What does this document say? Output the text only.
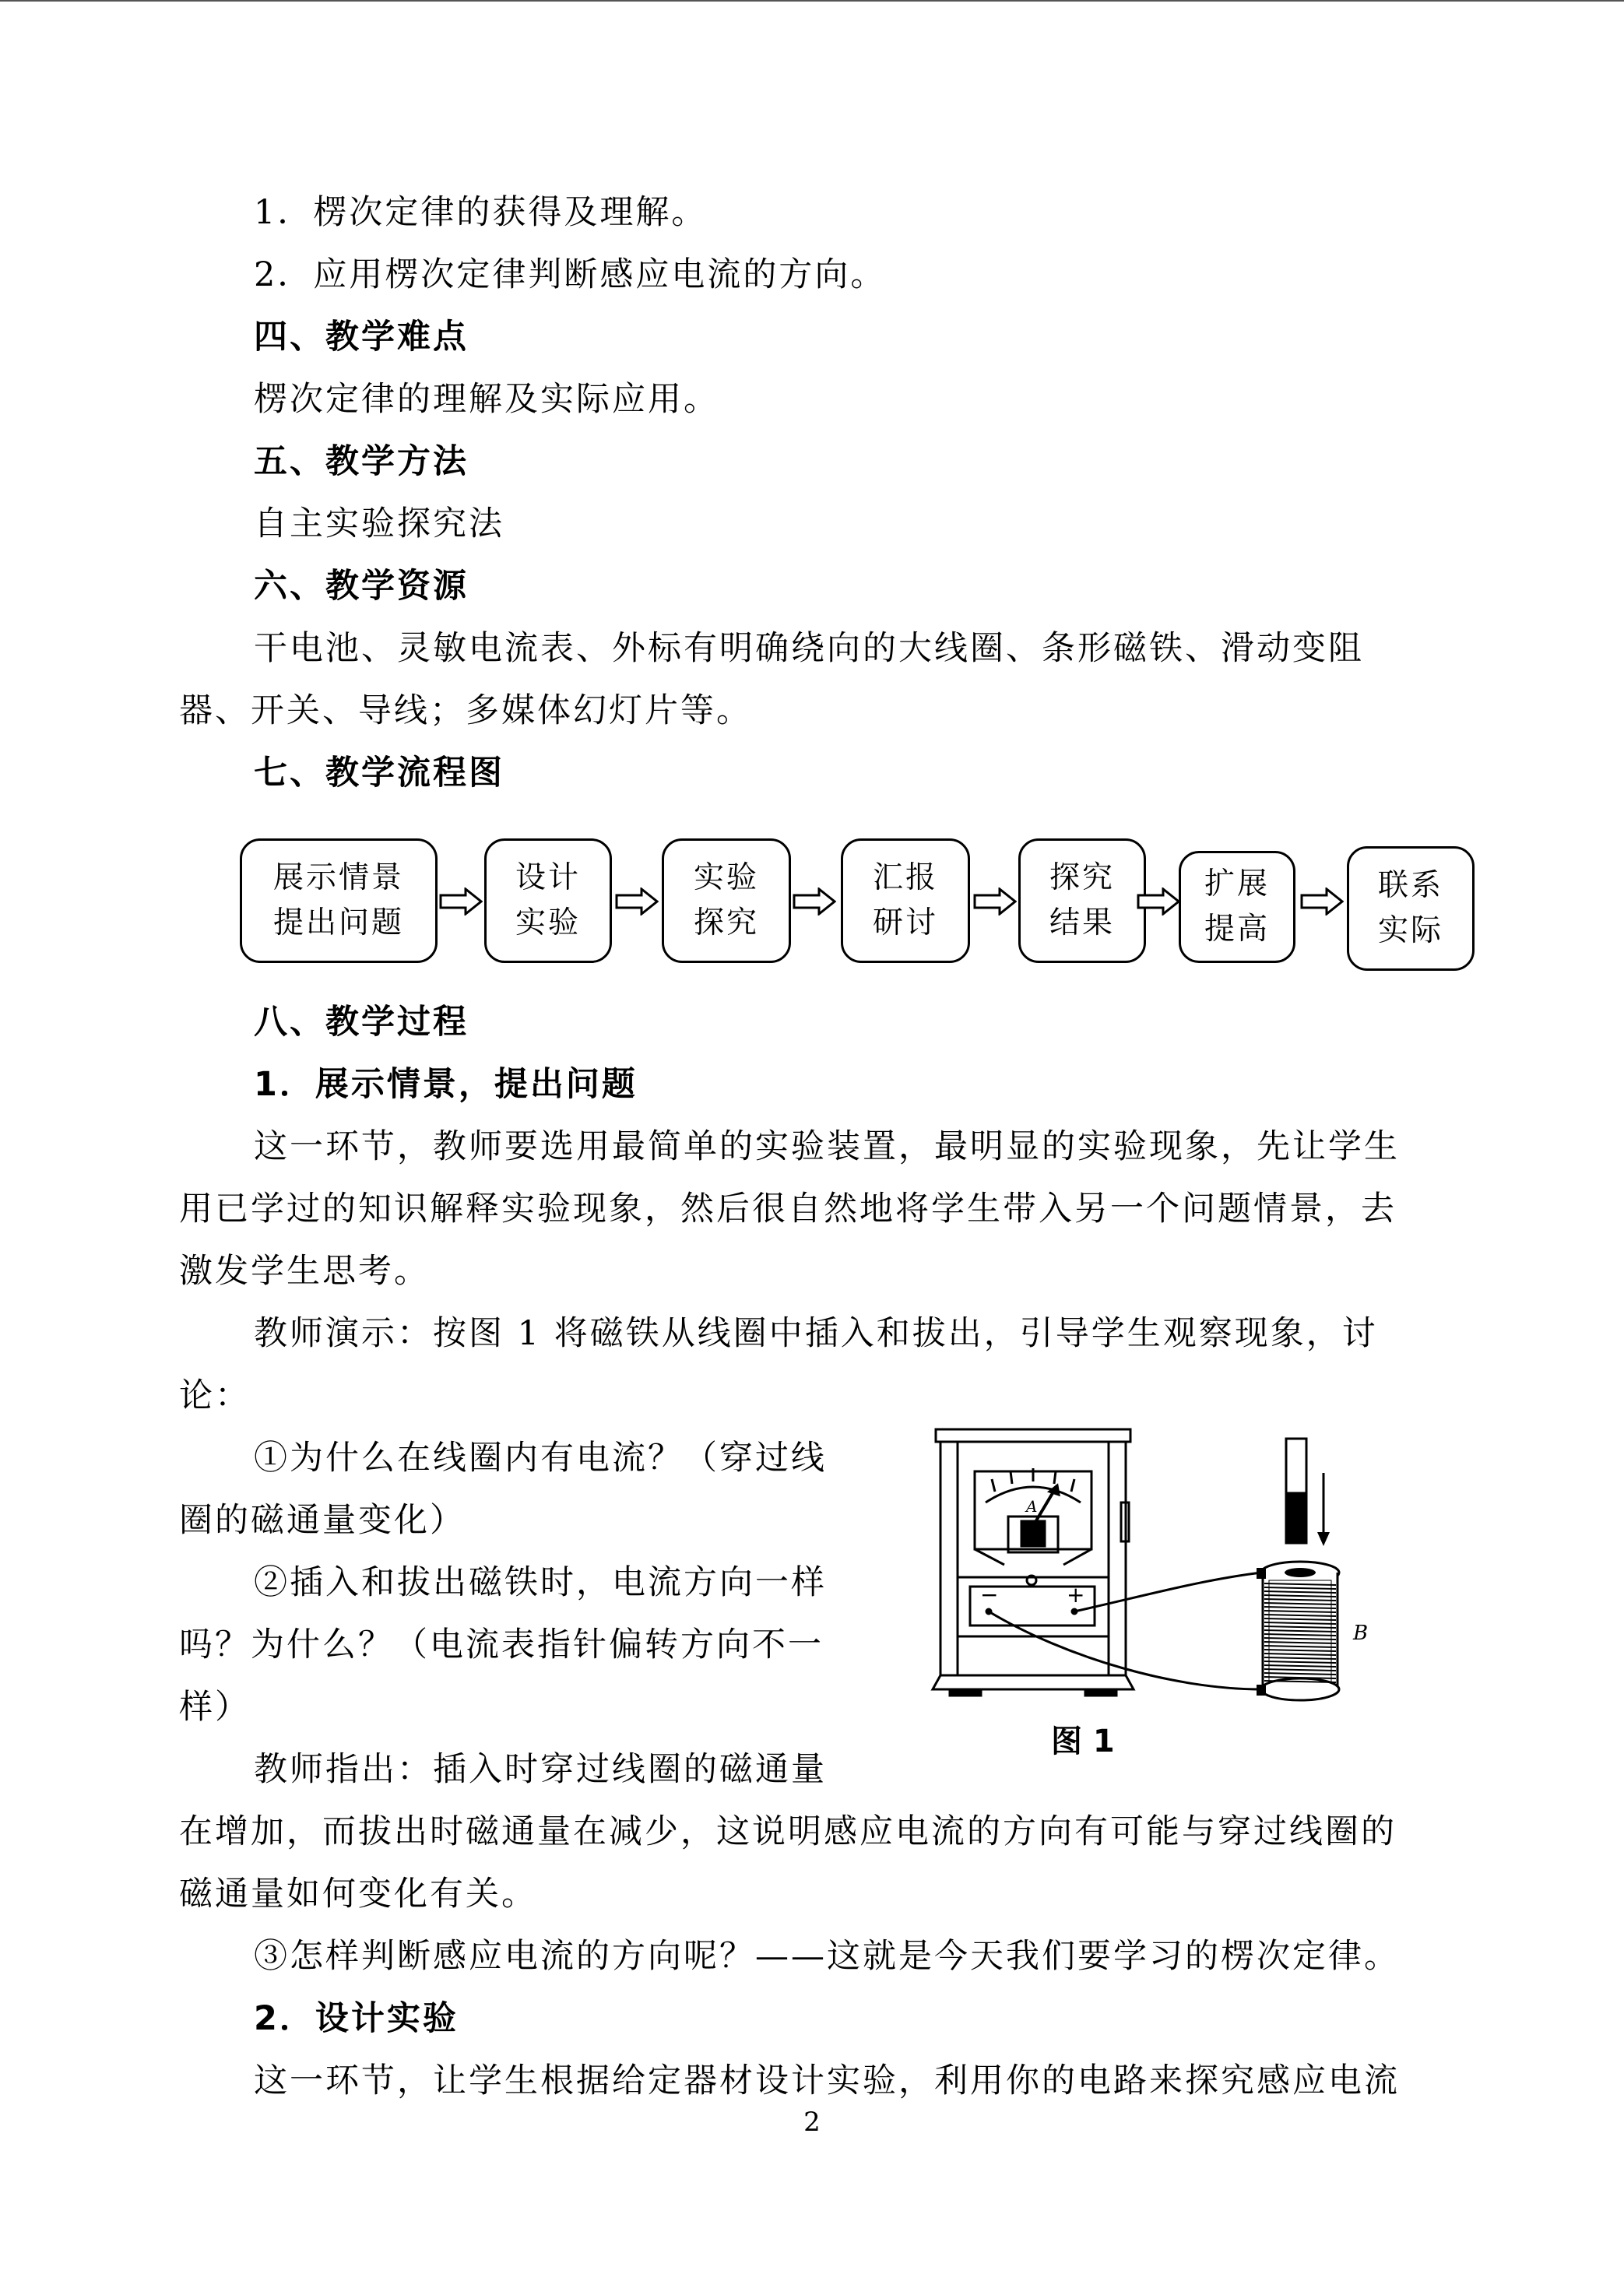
1．楞次定律的获得及理解。
2．应用楞次定律判断感应电流的方向。
四、教学难点
楞次定律的理解及实际应用。
五、教学方法
自主实验探究法
六、教学资源
干电池、灵敏电流表、外标有明确绕向的大线圈、条形磁铁、滑动变阻
器、开关、导线；多媒体幻灯片等。
七、教学流程图
展示情景
提出问题
设计
实验
实验
探究
汇报
研讨
探究
结果
扩展
提高
联系
实际
八、教学过程
1．展示情景，提出问题
这一环节，教师要选用最简单的实验装置，最明显的实验现象，先让学生
用已学过的知识解释实验现象，然后很自然地将学生带入另一个问题情景，去
激发学生思考。
教师演示：按图 1 将磁铁从线圈中插入和拔出，引导学生观察现象，讨
论：
①为什么在线圈内有电流？（穿过线
圈的磁通量变化）
②插入和拔出磁铁时，电流方向一样
吗？为什么？（电流表指针偏转方向不一
样）
教师指出：插入时穿过线圈的磁通量
在增加，而拔出时磁通量在减少，这说明感应电流的方向有可能与穿过线圈的
磁通量如何变化有关。
③怎样判断感应电流的方向呢？——这就是今天我们要学习的楞次定律。
2．设计实验
这一环节，让学生根据给定器材设计实验，利用你的电路来探究感应电流
−	+
A
B
图 1
2
